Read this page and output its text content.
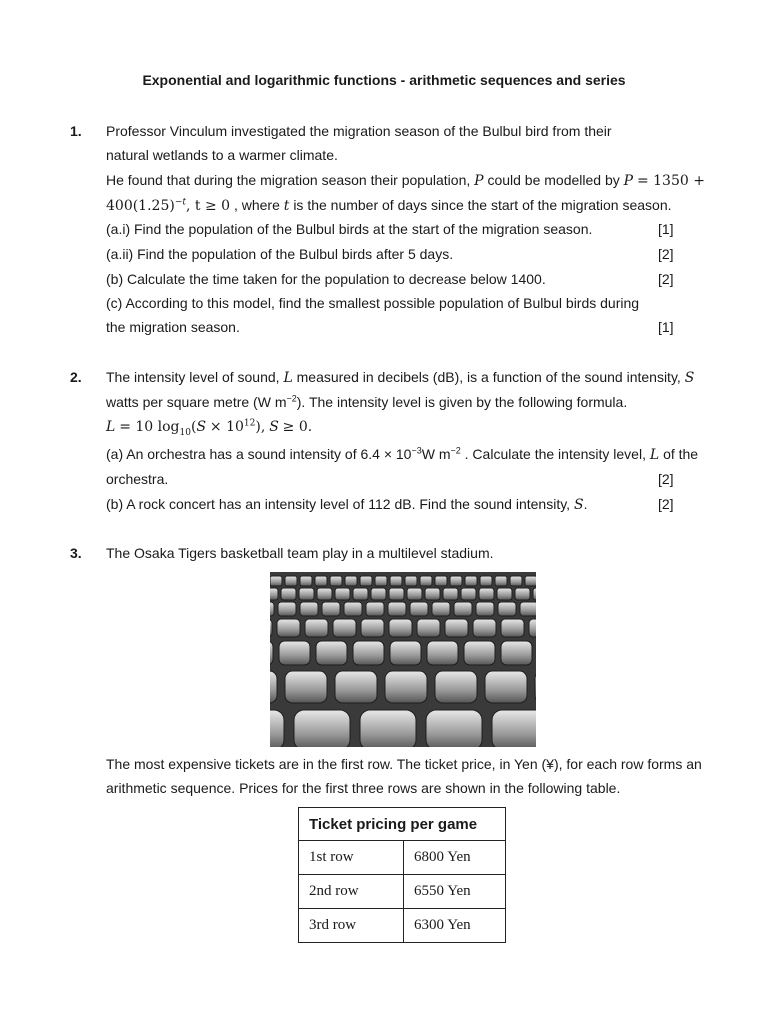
Exponential and logarithmic functions - arithmetic sequences and series
1. Professor Vinculum investigated the migration season of the Bulbul bird from their
natural wetlands to a warmer climate.
He found that during the migration season their population, P could be modelled by P = 1350 +
$400(1.25)^{-t}$, t ≥ 0 , where t is the number of days since the start of the migration season.
(a.i) Find the population of the Bulbul birds at the start of the migration season.	[1]
(a.ii) Find the population of the Bulbul birds after 5 days.	[2]
(b) Calculate the time taken for the population to decrease below 1400.	[2]
(c) According to this model, find the smallest possible population of Bulbul birds during
the migration season.	[1]
2. The intensity level of sound, L measured in decibels (dB), is a function of the sound intensity, S
watts per square metre (W $m^{-2}$). The intensity level is given by the following formula.
L = 10 $\log_{10}(S \times 10^{12})$, S ≥ 0.
(a) An orchestra has a sound intensity of $6.4 \times 10^{-3}W$ $m^{-2}$ . Calculate the intensity level, L of the
orchestra.	[2]
(b) A rock concert has an intensity level of 112 dB. Find the sound intensity, S.	[2]
3. The Osaka Tigers basketball team play in a multilevel stadium.
The most expensive tickets are in the first row. The ticket price, in Yen (¥), for each row forms an
arithmetic sequence. Prices for the first three rows are shown in the following table.
Ticket pricing per game	
1st row	6800 Yen
2nd row	6550 Yen
3rd row	6300 Yen
